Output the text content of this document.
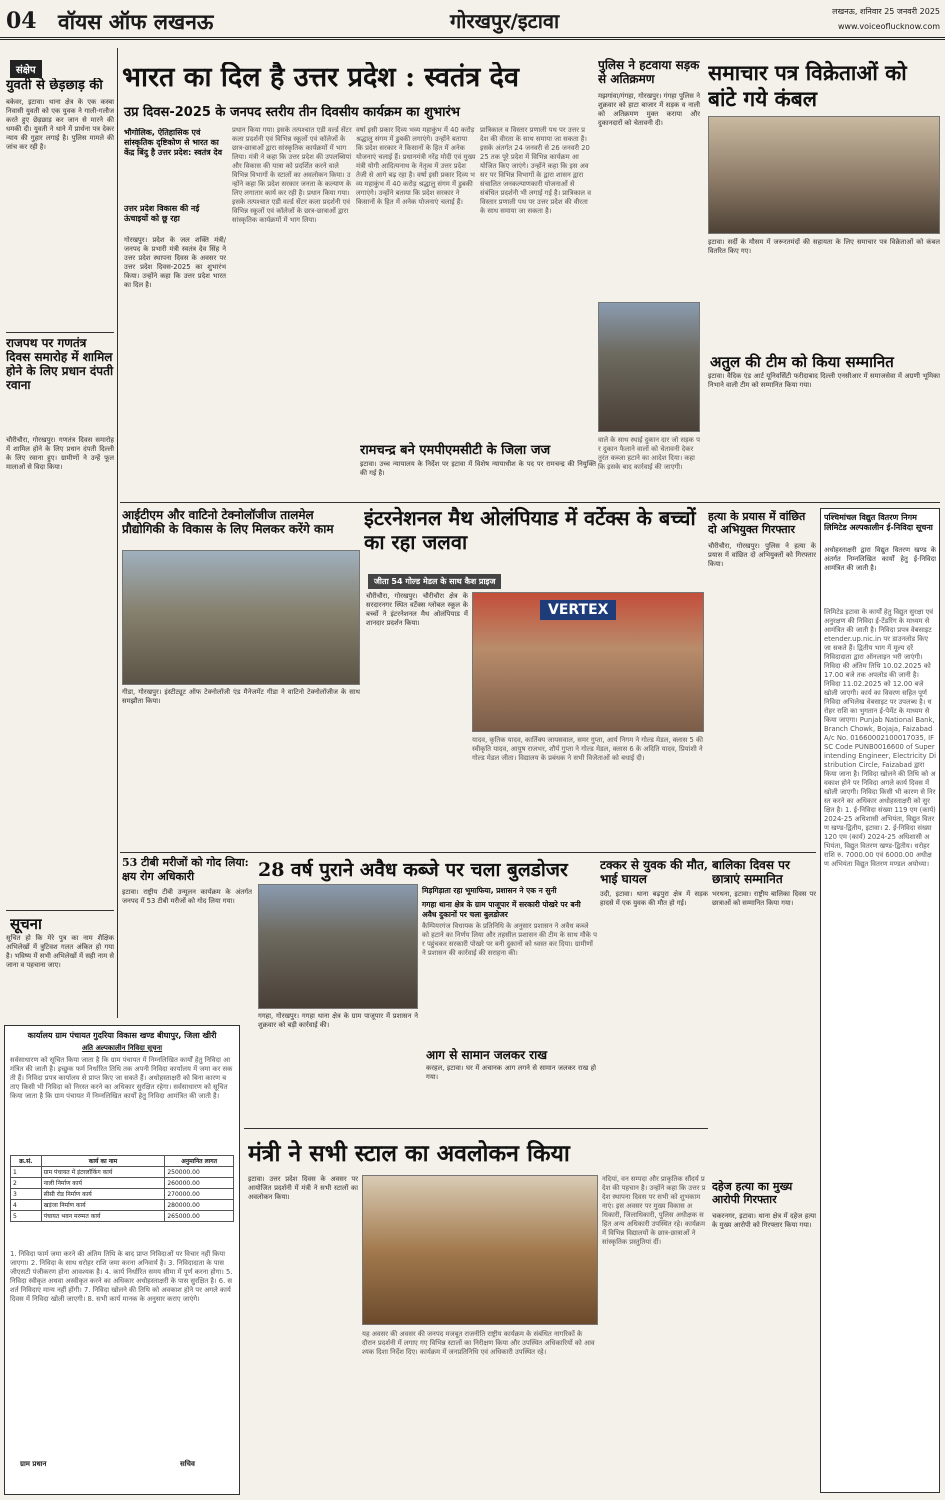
04 वॉयस ऑफ लखनऊ	गोरखपुर/इटावा	लखनऊ, शनिवार 25 जनवरी 2025
www.voiceoflucknow.com
संक्षेप
युवती से छेड़छाड़ की
बकेवर, इटावा। थाना क्षेत्र के एक कस्बा निवासी युवती को एक युवक ने गाली-गलौज करते हुए छेड़छाड़ कर जान से मारने की धमकी दी। युवती ने थाने में प्रार्थना पत्र देकर न्याय की गुहार लगाई है। पुलिस मामले की जांच कर रही है।
राजपथ पर गणतंत्र दिवस समारोह में शामिल होने के लिए प्रधान दंपती रवाना
चौरीचौरा, गोरखपुर। गणतंत्र दिवस समारोह में शामिल होने के लिए प्रधान दंपती दिल्ली के लिए रवाना हुए। ग्रामीणों ने उन्हें फूल मालाओं से विदा किया।
सूचना
सूचित हो कि मेरे पुत्र का नाम शैक्षिक अभिलेखों में त्रुटिवश गलत अंकित हो गया है। भविष्य में सभी अभिलेखों में सही नाम से जाना व पहचाना जाए।
कार्यालय ग्राम पंचायत गुदरिया विकास खण्ड बीघापुर, जिला खीरी
अति अल्पकालीन निविदा सूचना
सर्वसाधारण को सूचित किया जाता है कि ग्राम पंचायत में निम्नलिखित कार्यों हेतु निविदा आमंत्रित की जाती है। इच्छुक फर्म निर्धारित तिथि तक अपनी निविदा कार्यालय में जमा कर सकती हैं। निविदा प्रपत्र कार्यालय से प्राप्त किए जा सकते हैं। अधोहस्ताक्षरी को बिना कारण बताए किसी भी निविदा को निरस्त करने का अधिकार सुरक्षित रहेगा। सर्वसाधारण को सूचित किया जाता है कि ग्राम पंचायत में निम्नलिखित कार्यों हेतु निविदा आमंत्रित की जाती है।
क्र.सं.	कार्य का नाम	अनुमानित लागत
1	ग्राम पंचायत में इंटरलॉकिंग कार्य	250000.00
2	नाली निर्माण कार्य	260000.00
3	सीसी रोड निर्माण कार्य	270000.00
4	खड़ंजा निर्माण कार्य	280000.00
5	पंचायत भवन मरम्मत कार्य	265000.00
1. निविदा फार्म जमा करने की अंतिम तिथि के बाद प्राप्त निविदाओं पर विचार नहीं किया जाएगा। 2. निविदा के साथ धरोहर राशि जमा करना अनिवार्य है। 3. निविदादाता के पास जीएसटी पंजीकरण होना आवश्यक है। 4. कार्य निर्धारित समय सीमा में पूर्ण करना होगा। 5. निविदा स्वीकृत अथवा अस्वीकृत करने का अधिकार अधोहस्ताक्षरी के पास सुरक्षित है। 6. सशर्त निविदाएं मान्य नहीं होंगी। 7. निविदा खोलने की तिथि को अवकाश होने पर अगले कार्य दिवस में निविदा खोली जाएगी। 8. सभी कार्य मानक के अनुसार कराए जाएंगे।
ग्राम प्रधान	सचिव
भारत का दिल है उत्तर प्रदेश : स्वतंत्र देव
उप्र दिवस-2025 के जनपद स्तरीय तीन दिवसीय कार्यक्रम का शुभारंभ
भौगोलिक, ऐतिहासिक एवं सांस्कृतिक दृष्टिकोण से भारत का केंद्र बिंदु है उत्तर प्रदेश: स्वतंत्र देव
उत्तर प्रदेश विकास की नई ऊंचाइयों को छू रहा
गोरखपुर। प्रदेश के जल शक्ति मंत्री/जनपद के प्रभारी मंत्री स्वतंत्र देव सिंह ने उत्तर प्रदेश स्थापना दिवस के अवसर पर उत्तर प्रदेश दिवस-2025 का शुभारंभ किया। उन्होंने कहा कि उत्तर प्रदेश भारत का दिल है।
प्रधान किया गया। इसके तत्पश्चात एडी वर्ल्ड सेंटर कला प्रदर्शनी एवं विभिन्न स्कूलों एवं कॉलेजों के छात्र-छात्राओं द्वारा सांस्कृतिक कार्यक्रमों में भाग लिया। मंत्री ने कहा कि उत्तर प्रदेश की उपलब्धियां और विकास की यात्रा को प्रदर्शित करने वाले विभिन्न विभागों के स्टालों का अवलोकन किया। उन्होंने कहा कि प्रदेश सरकार जनता के कल्याण के लिए लगातार कार्य कर रही है। प्रधान किया गया। इसके तत्पश्चात एडी वर्ल्ड सेंटर कला प्रदर्शनी एवं विभिन्न स्कूलों एवं कॉलेजों के छात्र-छात्राओं द्वारा सांस्कृतिक कार्यक्रमों में भाग लिया।
वर्षा इसी प्रकार दिव्य भव्य महाकुंभ में 40 करोड़ श्रद्धालु संगम में डुबकी लगाएंगे। उन्होंने बताया कि प्रदेश सरकार ने किसानों के हित में अनेक योजनाएं चलाई हैं। प्रधानमंत्री नरेंद्र मोदी एवं मुख्यमंत्री योगी आदित्यनाथ के नेतृत्व में उत्तर प्रदेश तेजी से आगे बढ़ रहा है। वर्षा इसी प्रकार दिव्य भव्य महाकुंभ में 40 करोड़ श्रद्धालु संगम में डुबकी लगाएंगे। उन्होंने बताया कि प्रदेश सरकार ने किसानों के हित में अनेक योजनाएं चलाई हैं।
प्रात्रिकाल व विस्तार प्रणाली पथ पर उत्तर प्रदेश की वीरता के साथ समाया जा सकता है। इसके अंतर्गत 24 जनवरी से 26 जनवरी 2025 तक पूरे प्रदेश में विभिन्न कार्यक्रम आयोजित किए जाएंगे। उन्होंने कहा कि इस अवसर पर विभिन्न विभागों के द्वारा शासन द्वारा संचालित जनकल्याणकारी योजनाओं से संबंधित प्रदर्शनी भी लगाई गई है। प्रात्रिकाल व विस्तार प्रणाली पथ पर उत्तर प्रदेश की वीरता के साथ समाया जा सकता है।
पुलिस ने हटवाया सड़क से अतिक्रमण
मझगांवा/गंगहा, गोरखपुर। गंगहा पुलिस ने शुक्रवार को हाटा बाजार में सड़क व नाली को अतिक्रमण मुक्त कराया और दुकानदारों को चेतावनी दी।
वाले के साथ स्थाई दुकान दार जो सड़क पर दुकान फैलाने वालों को चेतावनी देकर तुरंत कब्जा हटाने का आदेश दिया। कहा कि इसके बाद कार्रवाई की जाएगी।
समाचार पत्र विक्रेताओं को बांटे गये कंबल
इटावा। सर्दी के मौसम में जरूरतमंदों की सहायता के लिए समाचार पत्र विक्रेताओं को कंबल वितरित किए गए।
अतुल की टीम को किया सम्मानित
इटावा। वैदिक एंड आर्ट यूनिवर्सिटी फरीदाबाद दिल्ली एनसीआर में समाजसेवा में अग्रणी भूमिका निभाने वाली टीम को सम्मानित किया गया।
रामचन्द्र बने एमपीएमसीटी के जिला जज
इटावा। उच्च न्यायालय के निर्देश पर इटावा में विशेष न्यायाधीश के पद पर रामचन्द्र की नियुक्ति की गई है।
आईटीएम और वाटिनो टेक्नोलॉजीज तालमेल प्रौद्योगिकी के विकास के लिए मिलकर करेंगे काम
गीडा, गोरखपुर। इंस्टीट्यूट ऑफ टेक्नोलॉजी एंड मैनेजमेंट गीडा ने वाटिनो टेक्नोलॉजीज के साथ समझौता किया।
इंटरनेशनल मैथ ओलंपियाड में वर्टेक्स के बच्चों का रहा जलवा
जीता 54 गोल्ड मेडल के साथ कैश प्राइज
चौरीचौरा, गोरखपुर। चौरीचौरा क्षेत्र के सरदारनगर स्थित वर्टेक्स ग्लोबल स्कूल के बच्चों ने इंटरनेशनल मैथ ओलंपियाड में शानदार प्रदर्शन किया।
VERTEX
यादव, कृतिक यादव, कार्तिक्य जायसवाल, समर गुप्ता, आर्य निगम ने गोल्ड मेडल, क्लास 5 की स्वीकृति यादव, आयुष राजभर, शौर्य गुप्ता ने गोल्ड मेडल, क्लास 6 के अदिति यादव, प्रियांशी ने गोल्ड मेडल जीता। विद्यालय के प्रबंधक ने सभी विजेताओं को बधाई दी।
हत्या के प्रयास में वांछित दो अभियुक्त गिरफ्तार
चौरीचौरा, गोरखपुर। पुलिस ने हत्या के प्रयास में वांछित दो अभियुक्तों को गिरफ्तार किया।
पश्चिमांचल विद्युत वितरण निगम लिमिटेड अल्पकालीन ई-निविदा सूचना
अधोहस्ताक्षरी द्वारा विद्युत वितरण खण्ड के अंतर्गत निम्नलिखित कार्यों हेतु ई-निविदा आमंत्रित की जाती है।
लिमिटेड इटावा के कार्यों हेतु विद्युत सुरक्षा एवं अनुरक्षण की निविदा ई-टेंडरिंग के माध्यम से आमंत्रित की जाती है। निविदा प्रपत्र वेबसाइट etender.up.nic.in पर डाउनलोड किए जा सकते हैं। द्वितीय भाग में मूल्य दरें निविदादाता द्वारा ऑनलाइन भरी जाएंगी। निविदा की अंतिम तिथि 10.02.2025 को 17.00 बजे तक अपलोड की जानी है। निविदा 11.02.2025 को 12.00 बजे खोली जाएगी। कार्य का विवरण सहित पूर्ण निविदा अभिलेख वेबसाइट पर उपलब्ध है। धरोहर राशि का भुगतान ई-पेमेंट के माध्यम से किया जाएगा। Punjab National Bank, Branch Chowk, Bojaja, Faizabad A/c No. 01660002100017035, IFSC Code PUNB0016600 of Superintending Engineer, Electricity Distribution Circle, Faizabad द्वारा किया जाना है। निविदा खोलने की तिथि को अवकाश होने पर निविदा अगले कार्य दिवस में खोली जाएगी। निविदा किसी भी कारण से निरस्त करने का अधिकार अधोहस्ताक्षरी को सुरक्षित है। 1. ई-निविदा संख्या 119 एम (कार्य) 2024-25 अधिशासी अभियंता, विद्युत वितरण खण्ड-द्वितीय, इटावा। 2. ई-निविदा संख्या 120 एम (कार्य) 2024-25 अधिशासी अभियंता, विद्युत वितरण खण्ड-द्वितीय। धरोहर राशि रु. 7000.00 एवं 6000.00 अधीक्षण अभियंता विद्युत वितरण मण्डल अयोध्या।
53 टीबी मरीजों को गोद लिया: क्षय रोग अधिकारी
इटावा। राष्ट्रीय टीबी उन्मूलन कार्यक्रम के अंतर्गत जनपद में 53 टीबी मरीजों को गोद लिया गया।
28 वर्ष पुराने अवैध कब्जे पर चला बुलडोजर
मिड़गिड़ाता रहा भूमाफिया, प्रशासन ने एक न सुनी
गगहा थाना क्षेत्र के ग्राम पाजूपार में सरकारी पोखरे पर बनी अवैध दुकानों पर चला बुलडोजर
कैम्पियरगंज विधायक के प्रतिनिधि के अनुसार प्रशासन ने अवैध कब्जे को हटाने का निर्णय लिया और तहसील प्रशासन की टीम के साथ मौके पर पहुंचकर सरकारी पोखरे पर बनी दुकानों को ध्वस्त कर दिया। ग्रामीणों ने प्रशासन की कार्रवाई की सराहना की।
गगहा, गोरखपुर। गगहा थाना क्षेत्र के ग्राम पाजूपार में प्रशासन ने शुक्रवार को बड़ी कार्रवाई की।
आग से सामान जलकर राख
करहल, इटावा। घर में अचानक आग लगने से सामान जलकर राख हो गया।
टक्कर से युवक की मौत, भाई घायल
उदी, इटावा। थाना बढ़पुरा क्षेत्र में सड़क हादसे में एक युवक की मौत हो गई।
बालिका दिवस पर छात्राएं सम्मानित
भरथना, इटावा। राष्ट्रीय बालिका दिवस पर छात्राओं को सम्मानित किया गया।
दहेज हत्या का मुख्य आरोपी गिरफ्तार
चकरनगर, इटावा। थाना क्षेत्र में दहेज हत्या के मुख्य आरोपी को गिरफ्तार किया गया।
मंत्री ने सभी स्टाल का अवलोकन किया
इटावा। उत्तर प्रदेश दिवस के अवसर पर आयोजित प्रदर्शनी में मंत्री ने सभी स्टालों का अवलोकन किया।
यह अवसर की अवसर की जनपद मजबूत राजनीति राष्ट्रीय कार्यक्रम के संबंधित नागरिकों के दौरान प्रदर्शनी में लगाए गए विभिन्न स्टालों का निरीक्षण किया और उपस्थित अधिकारियों को आवश्यक दिशा निर्देश दिए। कार्यक्रम में जनप्रतिनिधि एवं अधिकारी उपस्थित रहे।
नदियां, वन सम्पदा और प्राकृतिक सौंदर्य प्रदेश की पहचान है। उन्होंने कहा कि उत्तर प्रदेश स्थापना दिवस पर सभी को शुभकामनाएं। इस अवसर पर मुख्य विकास अधिकारी, जिलाधिकारी, पुलिस अधीक्षक सहित अन्य अधिकारी उपस्थित रहे। कार्यक्रम में विभिन्न विद्यालयों के छात्र-छात्राओं ने सांस्कृतिक प्रस्तुतियां दीं।
